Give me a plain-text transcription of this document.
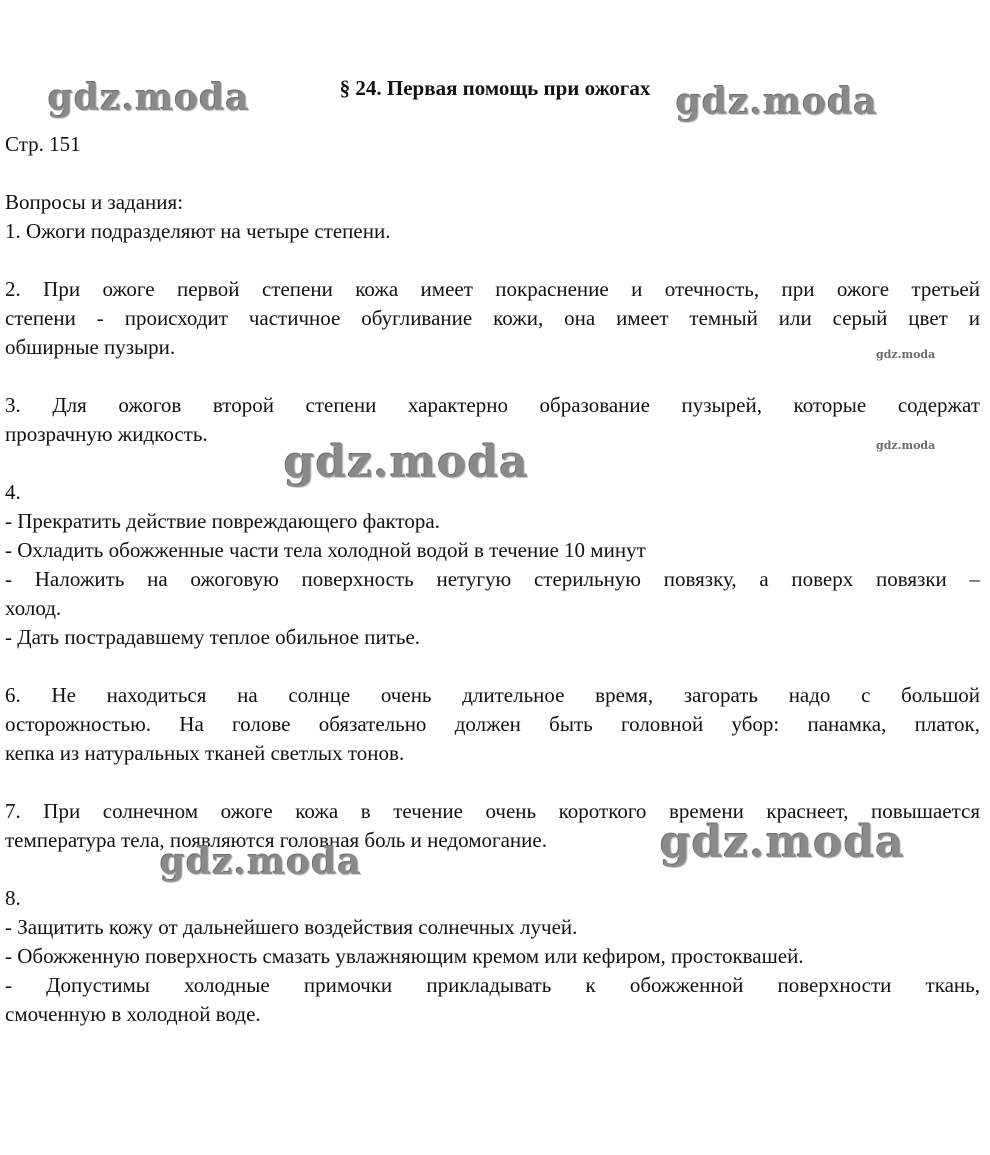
§ 24. Первая помощь при ожогах
Стр. 151
Вопросы и задания:
1. Ожоги подразделяют на четыре степени.
2. При ожоге первой степени кожа имеет покраснение и отечность, при ожоге третьей
степени - происходит частичное обугливание кожи, она имеет темный или серый цвет и
обширные пузыри.
3. Для ожогов второй степени характерно образование пузырей, которые содержат
прозрачную жидкость.
4.
- Прекратить действие повреждающего фактора.
- Охладить обожженные части тела холодной водой в течение 10 минут
- Наложить на ожоговую поверхность нетугую стерильную повязку, а поверх повязки –
холод.
- Дать пострадавшему теплое обильное питье.
6. Не находиться на солнце очень длительное время, загорать надо с большой
осторожностью. На голове обязательно должен быть головной убор: панамка, платок,
кепка из натуральных тканей светлых тонов.
7. При солнечном ожоге кожа в течение очень короткого времени краснеет, повышается
температура тела, появляются головная боль и недомогание.
8.
- Защитить кожу от дальнейшего воздействия солнечных лучей.
- Обожженную поверхность смазать увлажняющим кремом или кефиром, простоквашей.
- Допустимы холодные примочки прикладывать к обожженной поверхности ткань,
смоченную в холодной воде.
gdz.moda	gdz.moda
gdz.moda
gdz.moda
gdz.moda
gdz.moda
gdz.moda
